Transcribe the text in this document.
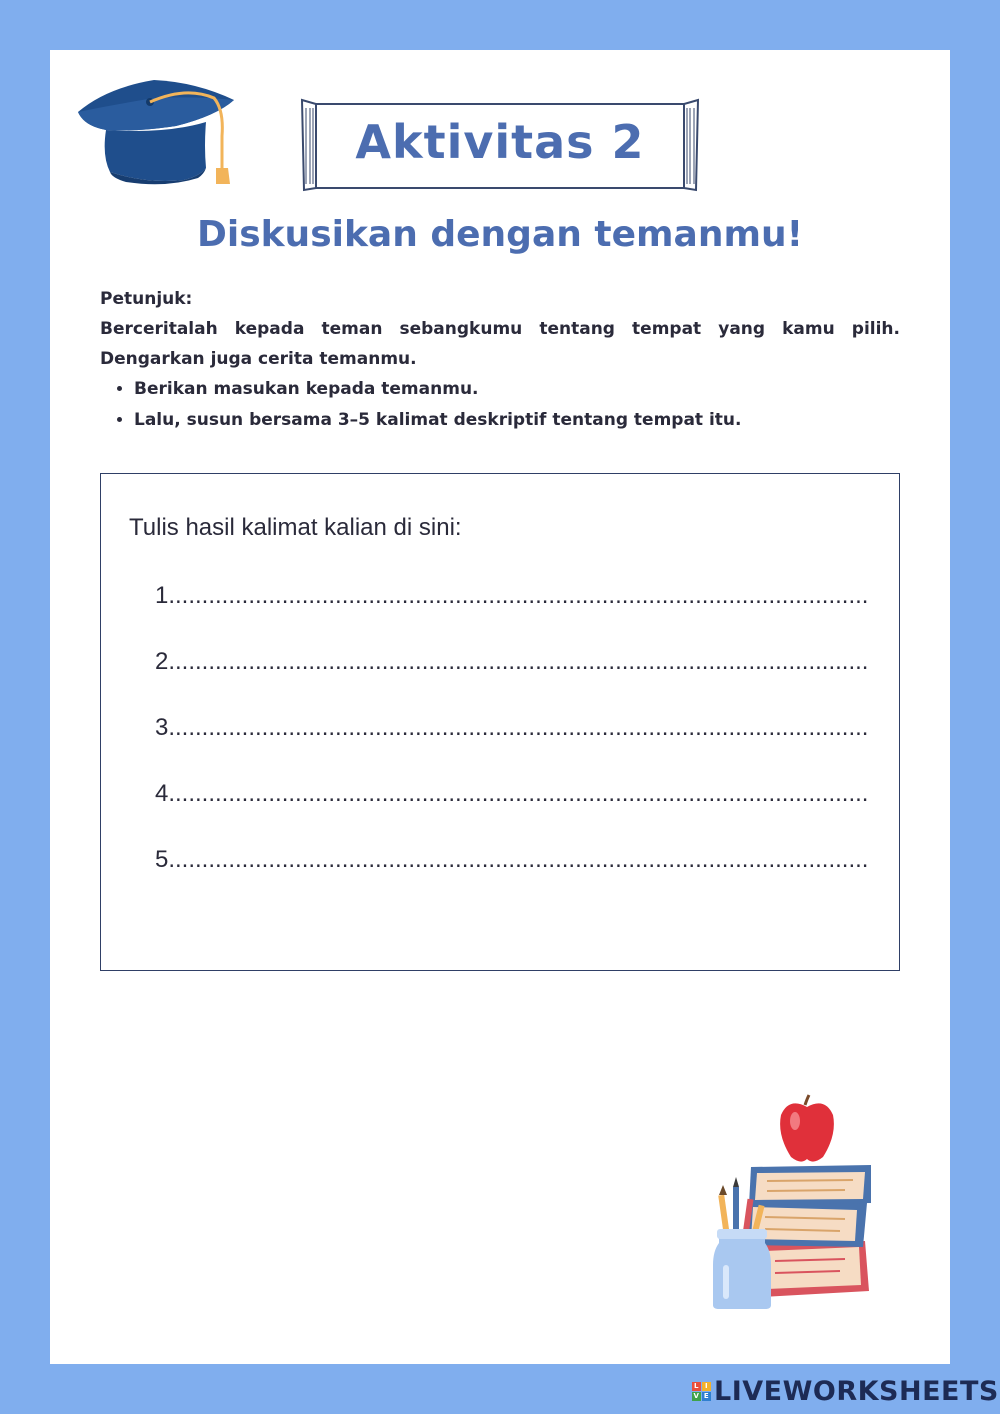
Aktivitas 2
Diskusikan dengan temanmu!
Petunjuk:
Berceritalah kepada teman sebangkumu tentang tempat yang kamu pilih. Dengarkan juga cerita temanmu.
• Berikan masukan kepada temanmu.
• Lalu, susun bersama 3–5 kalimat deskriptif tentang tempat itu.
Tulis hasil kalimat kalian di sini:
1.........................................................................................................
2.........................................................................................................
3.........................................................................................................
4.........................................................................................................
5.........................................................................................................
L I
V E LIVEWORKSHEETS
